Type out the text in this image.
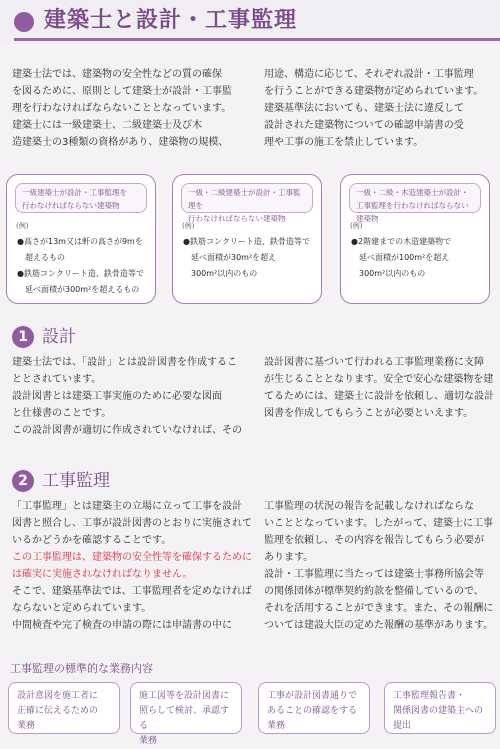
建築士と設計・工事監理

建築士法では、建築物の安全性などの質の確保

を図るために、原則として建築士が設計・工事監

理を行わなければならないこととなっています。

建築士には一級建築士、二級建築士及び木

造建築士の3種類の資格があり、建築物の規模、

用途、構造に応じて、それぞれ設計・工事監理

を行うことができる建築物が定められています。

建築基準法においても、建築士法に違反して

設計された建築物についての確認申請書の受

理や工事の施工を禁止しています。

一級建築士が設計・工事監理を
行わなければならない建築物
(例)
●高さが13m又は軒の高さが9mを
　超えるもの
●鉄筋コンクリート造、鉄骨造等で
　延べ面積が300m²を超えるもの
一級・二級建築士が設計・工事監理を
行わなければならない建築物
(例)
●鉄筋コンクリート造、鉄骨造等で
　延べ面積が30m²を超え
　300m²以内のもの
一級・二級・木造建築士が設計・
工事監理を行わなければならない建築物
(例)
●2階建までの木造建築物で
　延べ面積が100m²を超え
　300m²以内のもの
1 設計

建築士法では、「設計」とは設計図書を作成するこ

ととされています。

設計図書とは建築工事実施のために必要な図面

と仕様書のことです。

この設計図書が適切に作成されていなければ、その

設計図書に基づいて行われる工事監理業務に支障

が生じることとなります。安全で安心な建築物を建

てるためには、建築士に設計を依頼し、適切な設計

図書を作成してもらうことが必要といえます。

2 工事監理

「工事監理」とは建築主の立場に立って工事を設計

図書と照合し、工事が設計図書のとおりに実施されて

いるかどうかを確認することです。

この工事監理は、建築物の安全性等を確保するために

は確実に実施されなければなりません。

そこで、建築基準法では、工事監理者を定めなければ

ならないと定められています。

中間検査や完了検査の申請の際には申請書の中に

工事監理の状況の報告を記載しなければならな

いこととなっています。したがって、建築士に工事

監理を依頼し、その内容を報告してもらう必要が

あります。

設計・工事監理に当たっては建築士事務所協会等

の関係団体が標準契約約款を整備しているので、

それを活用することができます。また、その報酬に

ついては建設大臣の定めた報酬の基準があります。

工事監理の標準的な業務内容
設計意図を施工者に
正確に伝えるための
業務
施工図等を設計図書に
照らして検討、承認する
業務
工事が設計図書通りで
あることの確認をする
業務
工事監理報告書・
関係図書の建築主への
提出
